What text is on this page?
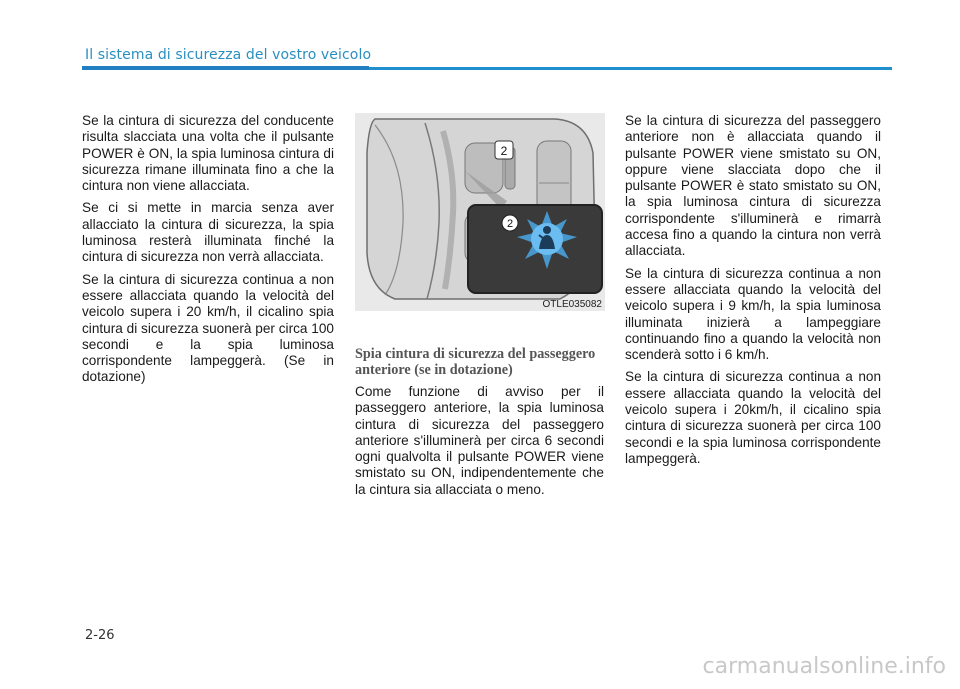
Il sistema di sicurezza del vostro veicolo

Se la cintura di sicurezza del conducente risulta slacciata una volta che il pulsante POWER è ON, la spia luminosa cintura di sicurezza rimane illuminata fino a che la cintura non viene allacciata.

Se ci si mette in marcia senza aver allacciato la cintura di sicurezza, la spia luminosa resterà illuminata finché la cintura di sicurezza non verrà allacciata.

Se la cintura di sicurezza continua a non essere allacciata quando la velocità del veicolo supera i 20 km/h, il cicalino spia cintura di sicurezza suonerà per circa 100 secondi e la spia luminosa corrispondente lampeggerà. (Se in dotazione)

2
2
OTLE035082
Spia cintura di sicurezza del passeggero anteriore (se in dotazione)

Come funzione di avviso per il passeggero anteriore, la spia luminosa cintura di sicurezza del passeggero anteriore s'illuminerà per circa 6 secondi ogni qualvolta il pulsante POWER viene smistato su ON, indipendentemente che la cintura sia allacciata o meno.

Se la cintura di sicurezza del passeggero anteriore non è allacciata quando il pulsante POWER viene smistato su ON, oppure viene slacciata dopo che il pulsante POWER è stato smistato su ON, la spia luminosa cintura di sicurezza corrispondente s'illuminerà e rimarrà accesa fino a quando la cintura non verrà allacciata.

Se la cintura di sicurezza continua a non essere allacciata quando la velocità del veicolo supera i 9 km/h, la spia luminosa illuminata inizierà a lampeggiare continuando fino a quando la velocità non scenderà sotto i 6 km/h.

Se la cintura di sicurezza continua a non essere allacciata quando la velocità del veicolo supera i 20km/h, il cicalino spia cintura di sicurezza suonerà per circa 100 secondi e la spia luminosa corrispondente lampeggerà.

2-26
carmanualsonline.info
